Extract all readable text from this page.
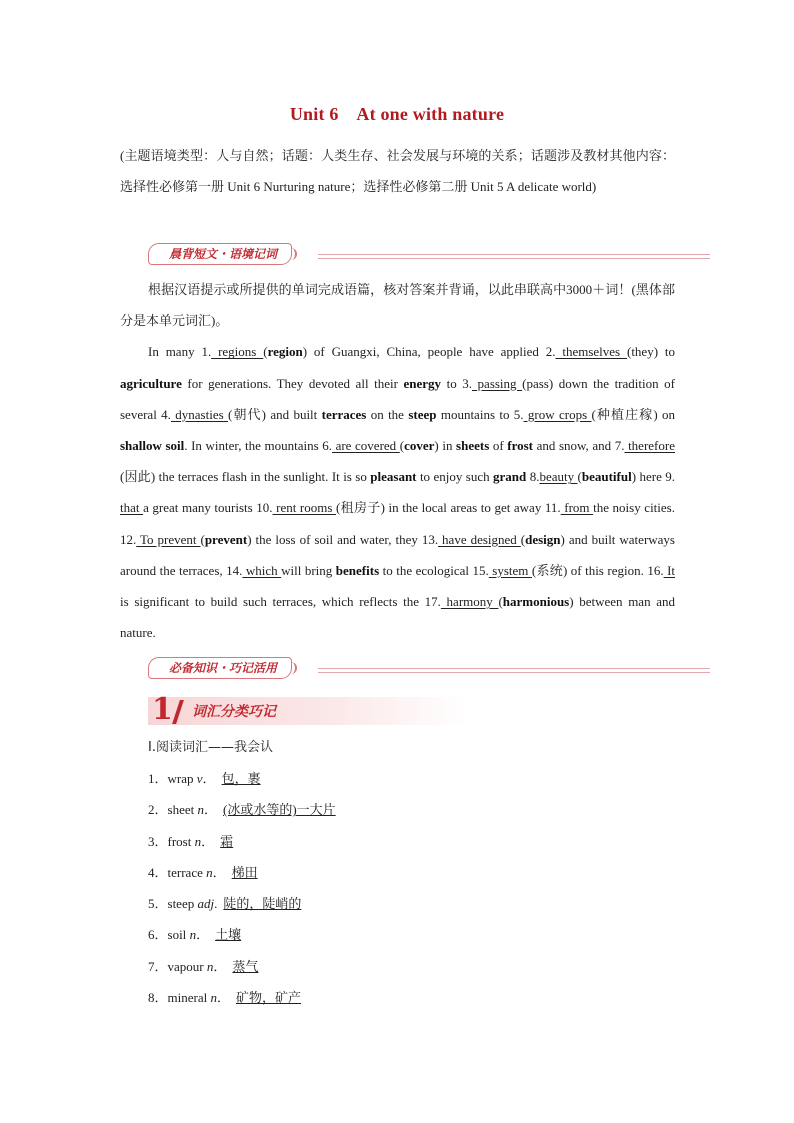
Unit 6    At one with nature
(主题语境类型：人与自然；话题：人类生存、社会发展与环境的关系；话题涉及教材其他内容：选择性必修第一册 Unit 6 Nurturing nature；选择性必修第二册 Unit 5 A delicate world)
晨背短文・语境记词

根据汉语提示或所提供的单词完成语篇，核对答案并背诵，以此串联高中3000＋词！(黑体部分是本单元词汇)。

In many 1. regions (region) of Guangxi, China, people have applied 2. themselves (they) to agriculture for generations. They devoted all their energy to 3. passing (pass) down the tradition of several 4. dynasties (朝代) and built terraces on the steep mountains to 5. grow crops (种植庄稼) on shallow soil. In winter, the mountains 6. are covered (cover) in sheets of frost and snow, and 7. therefore (因此) the terraces flash in the sunlight. It is so pleasant to enjoy such grand 8.beauty (beautiful) here 9. that a great many tourists 10. rent rooms (租房子) in the local areas to get away 11. from the noisy cities. 12. To prevent (prevent) the loss of soil and water, they 13. have designed (design) and built waterways around the terraces, 14. which will bring benefits to the ecological 15. system (系统) of this region. 16. It is significant to build such terraces, which reflects the 17. harmony (harmonious) between man and nature.

必备知识・巧记活用
1 词汇分类巧记
Ⅰ.阅读词汇——我会认
1．wrap v． 包，裹
2．sheet n． (冰或水等的)一大片
3．frost n． 霜
4．terrace n． 梯田
5．steep adj. 陡的，陡峭的
6．soil n． 土壤
7．vapour n． 蒸气
8．mineral n． 矿物，矿产
